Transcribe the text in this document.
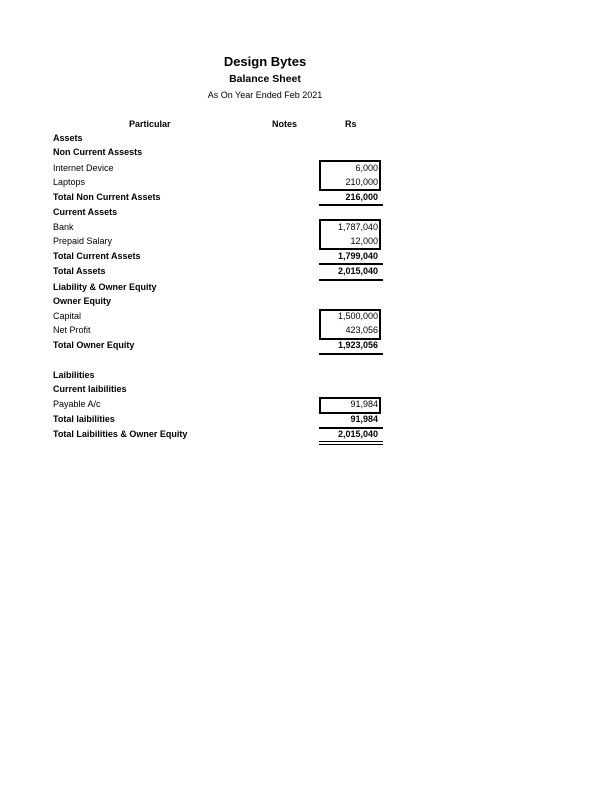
Design Bytes
Balance Sheet
As On Year Ended Feb 2021
Particular	Notes	Rs
Assets
Non Current Assests
Internet Device	6,000
Laptops	210,000
Total Non Current Assets	216,000
Current Assets
Bank	1,787,040
Prepaid Salary	12,000
Total Current Assets	1,799,040
Total Assets	2,015,040
Liability & Owner Equity
Owner Equity
Capital	1,500,000
Net Profit	423,056
Total Owner Equity	1,923,056
Laibilities
Current laibilities
Payable A/c	91,984
Total laibilities	91,984
Total Laibilities & Owner Equity	2,015,040
